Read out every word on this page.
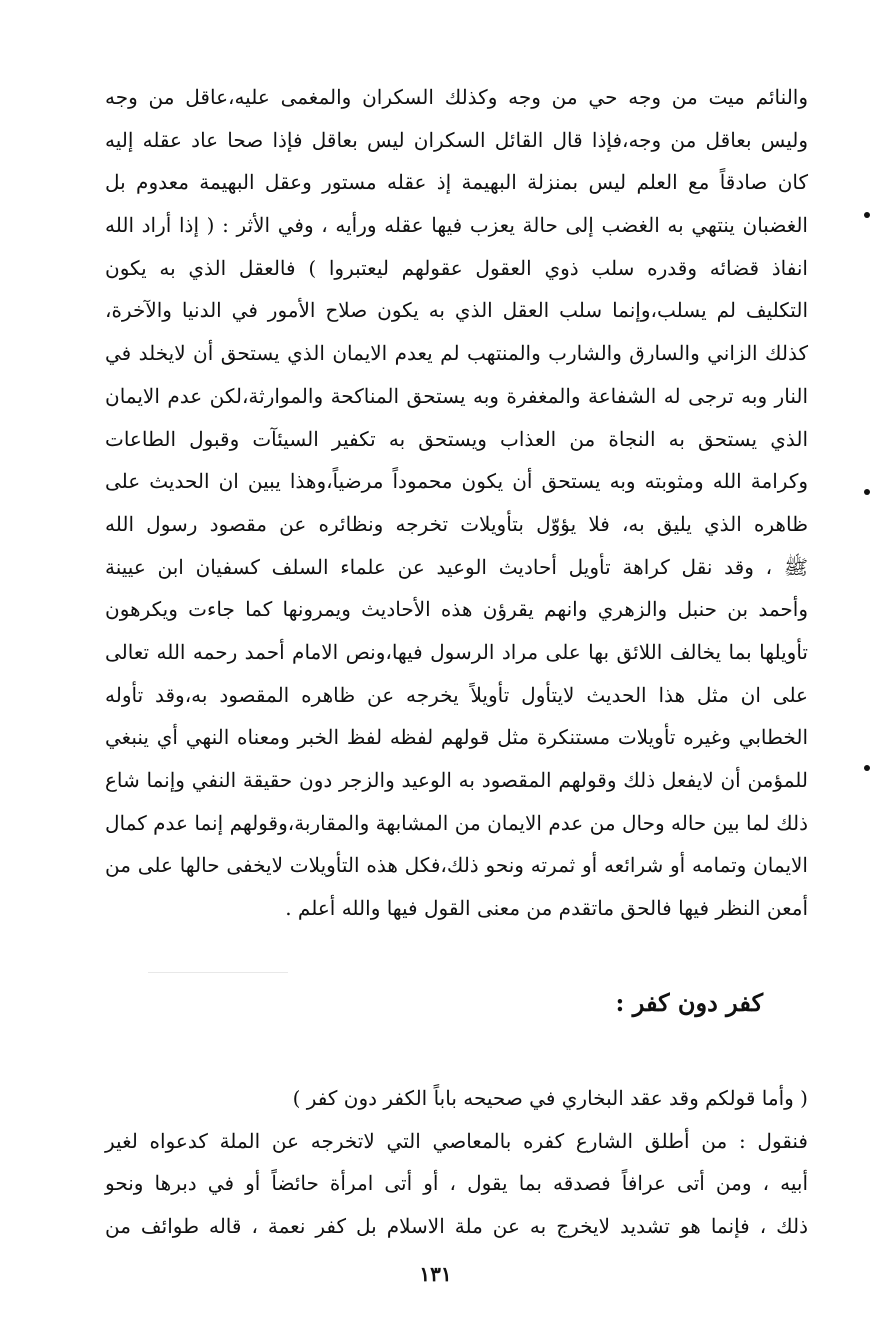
والنائم ميت من وجه حي من وجه وكذلك السكران والمغمى عليه،عاقل من وجه
وليس بعاقل من وجه،فإذا قال القائل السكران ليس بعاقل فإذا صحا عاد عقله إليه
كان صادقاً مع العلم ليس بمنزلة البهيمة إذ عقله مستور وعقل البهيمة معدوم بل
الغضبان ينتهي به الغضب إلى حالة يعزب فيها عقله ورأيه ، وفي الأثر : ( إذا أراد الله
انفاذ قضائه وقدره سلب ذوي العقول عقولهم ليعتبروا ) فالعقل الذي به يكون
التكليف لم يسلب،وإنما سلب العقل الذي به يكون صلاح الأمور في الدنيا والآخرة،
كذلك الزاني والسارق والشارب والمنتهب لم يعدم الايمان الذي يستحق أن لايخلد في
النار وبه ترجى له الشفاعة والمغفرة وبه يستحق المناكحة والموارثة،لكن عدم الايمان
الذي يستحق به النجاة من العذاب ويستحق به تكفير السيئآت وقبول الطاعات
وكرامة الله ومثوبته وبه يستحق أن يكون محموداً مرضياً،وهذا يبين ان الحديث على
ظاهره الذي يليق به، فلا يؤوّل بتأويلات تخرجه ونظائره عن مقصود رسول الله
ﷺ ، وقد نقل كراهة تأويل أحاديث الوعيد عن علماء السلف كسفيان ابن عيينة
وأحمد بن حنبل والزهري وانهم يقرؤن هذه الأحاديث ويمرونها كما جاءت ويكرهون
تأويلها بما يخالف اللائق بها على مراد الرسول فيها،ونص الامام أحمد رحمه الله تعالى
على ان مثل هذا الحديث لايتأول تأويلاً يخرجه عن ظاهره المقصود به،وقد تأوله
الخطابي وغيره تأويلات مستنكرة مثل قولهم لفظه لفظ الخبر ومعناه النهي أي ينبغي
للمؤمن أن لايفعل ذلك وقولهم المقصود به الوعيد والزجر دون حقيقة النفي وإنما شاع
ذلك لما بين حاله وحال من عدم الايمان من المشابهة والمقاربة،وقولهم إنما عدم كمال
الايمان وتمامه أو شرائعه أو ثمرته ونحو ذلك،فكل هذه التأويلات لايخفى حالها على من
أمعن النظر فيها فالحق ماتقدم من معنى القول فيها والله أعلم .
كفر دون كفر :
( وأما قولكم وقد عقد البخاري في صحيحه باباً الكفر دون كفر )
فنقول : من أطلق الشارع كفره بالمعاصي التي لاتخرجه عن الملة كدعواه لغير
أبيه ، ومن أتى عرافاً فصدقه بما يقول ، أو أتى امرأة حائضاً أو في دبرها ونحو
ذلك ، فإنما هو تشديد لايخرج به عن ملة الاسلام بل كفر نعمة ، قاله طوائف من
١٣١
